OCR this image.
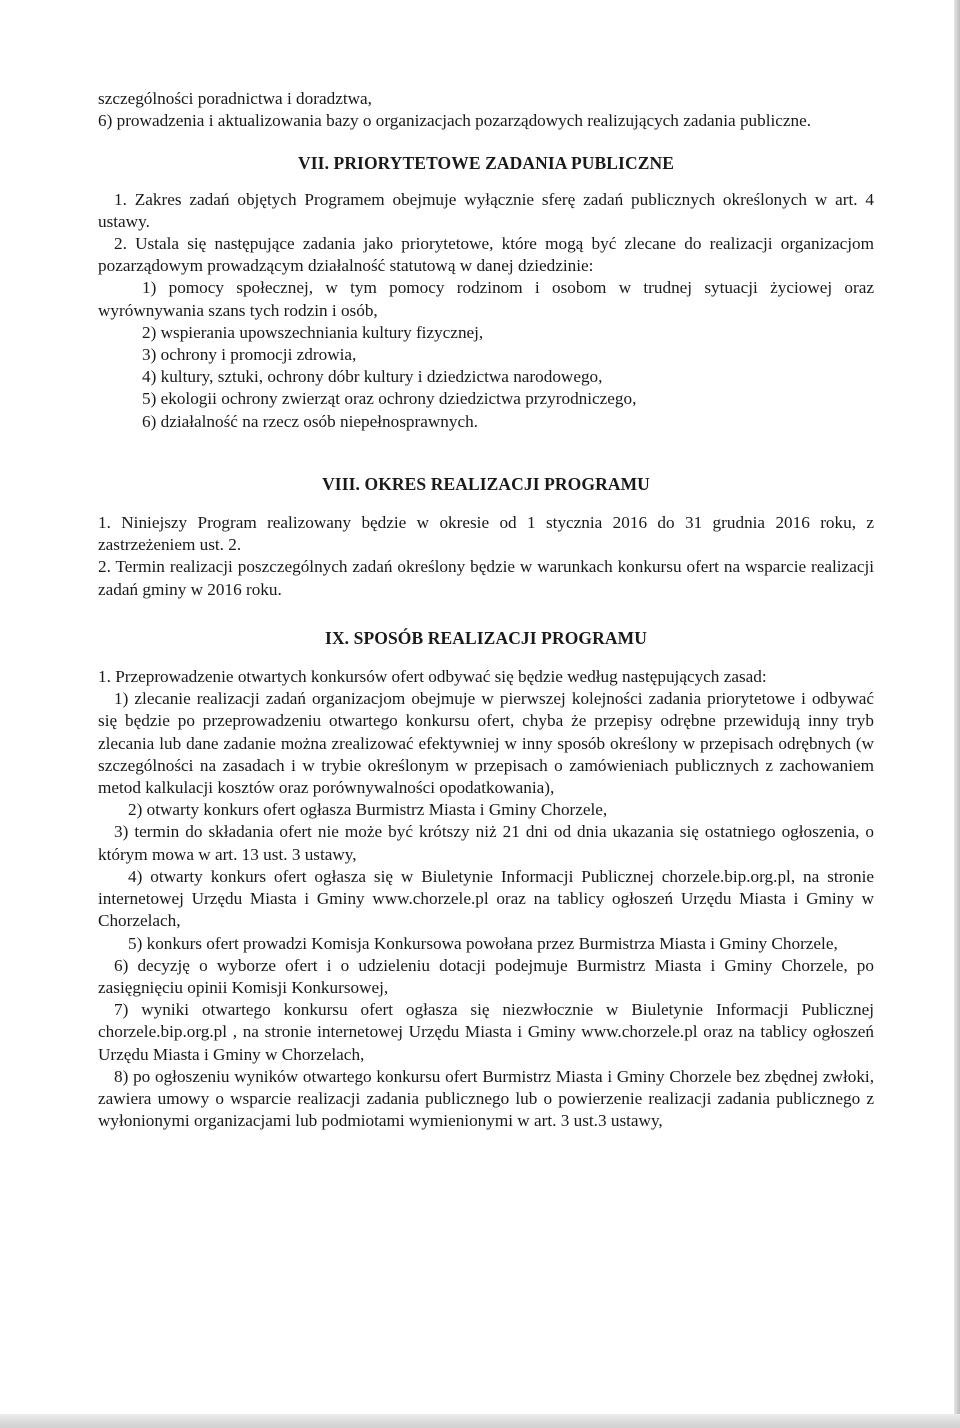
szczególności poradnictwa i doradztwa,

6) prowadzenia i aktualizowania bazy o organizacjach pozarządowych realizujących zadania publiczne.

VII. PRIORYTETOWE ZADANIA PUBLICZNE

1. Zakres zadań objętych Programem obejmuje wyłącznie sferę zadań publicznych określonych w art. 4 ustawy.

2. Ustala się następujące zadania jako priorytetowe, które mogą być zlecane do realizacji organizacjom pozarządowym prowadzącym działalność statutową w danej dziedzinie:

1) pomocy społecznej, w tym pomocy rodzinom i osobom w trudnej sytuacji życiowej oraz wyrównywania szans tych rodzin i osób,

2) wspierania upowszechniania kultury fizycznej,

3) ochrony i promocji zdrowia,

4) kultury, sztuki, ochrony dóbr kultury i dziedzictwa narodowego,

5) ekologii ochrony zwierząt oraz ochrony dziedzictwa przyrodniczego,

6) działalność na rzecz osób niepełnosprawnych.

VIII. OKRES REALIZACJI PROGRAMU

1. Niniejszy Program realizowany będzie w okresie od 1 stycznia 2016 do 31 grudnia 2016 roku, z zastrzeżeniem ust. 2.

2. Termin realizacji poszczególnych zadań określony będzie w warunkach konkursu ofert na wsparcie realizacji zadań gminy w 2016 roku.

IX. SPOSÓB REALIZACJI PROGRAMU

1. Przeprowadzenie otwartych konkursów ofert odbywać się będzie według następujących zasad:

1) zlecanie realizacji zadań organizacjom obejmuje w pierwszej kolejności zadania priorytetowe i odbywać się będzie po przeprowadzeniu otwartego konkursu ofert, chyba że przepisy odrębne przewidują inny tryb zlecania lub dane zadanie można zrealizować efektywniej w inny sposób określony w przepisach odrębnych (w szczególności na zasadach i w trybie określonym w przepisach o zamówieniach publicznych z zachowaniem metod kalkulacji kosztów oraz porównywalności opodatkowania),

2) otwarty konkurs ofert ogłasza Burmistrz Miasta i Gminy Chorzele,

3) termin do składania ofert nie może być krótszy niż 21 dni od dnia ukazania się ostatniego ogłoszenia, o którym mowa w art. 13 ust. 3 ustawy,

4) otwarty konkurs ofert ogłasza się w Biuletynie Informacji Publicznej chorzele.bip.org.pl, na stronie internetowej Urzędu Miasta i Gminy www.chorzele.pl oraz na tablicy ogłoszeń Urzędu Miasta i Gminy w Chorzelach,

5) konkurs ofert prowadzi Komisja Konkursowa powołana przez Burmistrza Miasta i Gminy Chorzele,

6) decyzję o wyborze ofert i o udzieleniu dotacji podejmuje Burmistrz Miasta i Gminy Chorzele, po zasięgnięciu opinii Komisji Konkursowej,

7) wyniki otwartego konkursu ofert ogłasza się niezwłocznie w Biuletynie Informacji Publicznej chorzele.bip.org.pl , na stronie internetowej Urzędu Miasta i Gminy www.chorzele.pl oraz na tablicy ogłoszeń Urzędu Miasta i Gminy w Chorzelach,

8) po ogłoszeniu wyników otwartego konkursu ofert Burmistrz Miasta i Gminy Chorzele bez zbędnej zwłoki, zawiera umowy o wsparcie realizacji zadania publicznego lub o powierzenie realizacji zadania publicznego z wyłonionymi organizacjami lub podmiotami wymienionymi w art. 3 ust.3 ustawy,
